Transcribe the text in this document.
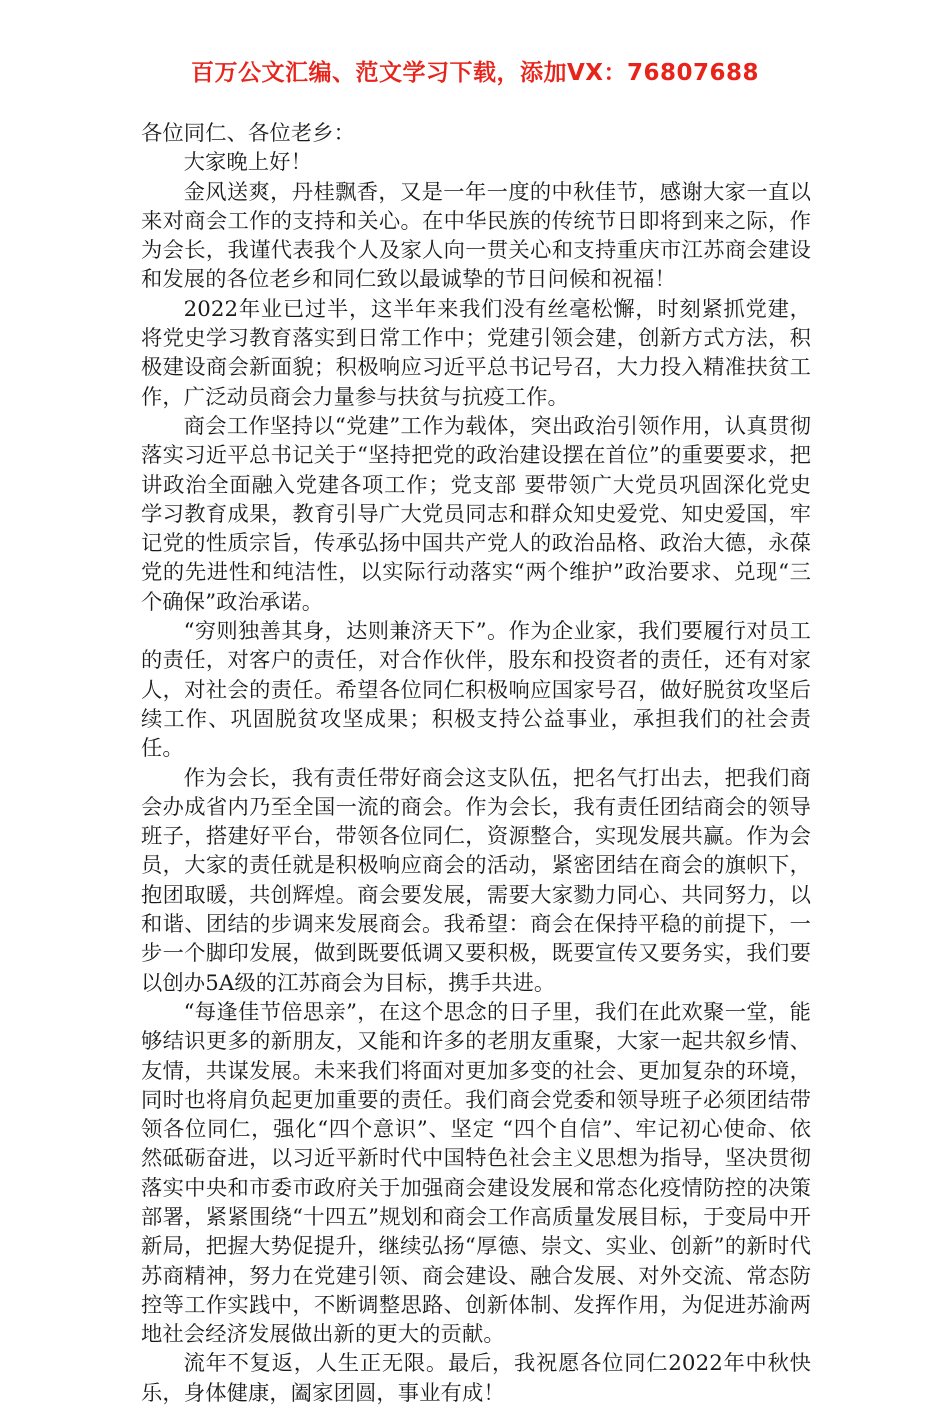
百万公文汇编、范文学习下载，添加VX：76807688

各位同仁、各位老乡：

大家晚上好！

金风送爽，丹桂飘香，又是一年一度的中秋佳节，感谢大家一直以来对商会工作的支持和关心。在中华民族的传统节日即将到来之际，作为会长，我谨代表我个人及家人向一贯关心和支持重庆市江苏商会建设和发展的各位老乡和同仁致以最诚挚的节日问候和祝福！

2022年业已过半，这半年来我们没有丝毫松懈，时刻紧抓党建，将党史学习教育落实到日常工作中；党建引领会建，创新方式方法，积极建设商会新面貌；积极响应习近平总书记号召，大力投入精准扶贫工作，广泛动员商会力量参与扶贫与抗疫工作。

商会工作坚持以“党建”工作为载体，突出政治引领作用，认真贯彻落实习近平总书记关于“坚持把党的政治建设摆在首位”的重要要求，把讲政治全面融入党建各项工作；党支部 要带领广大党员巩固深化党史学习教育成果，教育引导广大党员同志和群众知史爱党、知史爱国，牢记党的性质宗旨，传承弘扬中国共产党人的政治品格、政治大德，永葆党的先进性和纯洁性，以实际行动落实“两个维护”政治要求、兑现“三个确保”政治承诺。

“穷则独善其身，达则兼济天下”。作为企业家，我们要履行对员工的责任，对客户的责任，对合作伙伴，股东和投资者的责任，还有对家人，对社会的责任。希望各位同仁积极响应国家号召，做好脱贫攻坚后续工作、巩固脱贫攻坚成果；积极支持公益事业，承担我们的社会责任。

作为会长，我有责任带好商会这支队伍，把名气打出去，把我们商会办成省内乃至全国一流的商会。作为会长，我有责任团结商会的领导班子，搭建好平台，带领各位同仁，资源整合，实现发展共赢。作为会员，大家的责任就是积极响应商会的活动，紧密团结在商会的旗帜下，抱团取暖，共创辉煌。商会要发展，需要大家勠力同心、共同努力，以和谐、团结的步调来发展商会。我希望：商会在保持平稳的前提下，一步一个脚印发展，做到既要低调又要积极，既要宣传又要务实，我们要以创办5A级的江苏商会为目标，携手共进。

“每逢佳节倍思亲”，在这个思念的日子里，我们在此欢聚一堂，能够结识更多的新朋友，又能和许多的老朋友重聚，大家一起共叙乡情、友情，共谋发展。未来我们将面对更加多变的社会、更加复杂的环境，同时也将肩负起更加重要的责任。我们商会党委和领导班子必须团结带领各位同仁，强化“四个意识”、坚定 “四个自信”、牢记初心使命、依然砥砺奋进，以习近平新时代中国特色社会主义思想为指导，坚决贯彻落实中央和市委市政府关于加强商会建设发展和常态化疫情防控的决策部署，紧紧围绕“十四五”规划和商会工作高质量发展目标，于变局中开新局，把握大势促提升，继续弘扬“厚德、崇文、实业、创新”的新时代苏商精神，努力在党建引领、商会建设、融合发展、对外交流、常态防控等工作实践中，不断调整思路、创新体制、发挥作用，为促进苏渝两地社会经济发展做出新的更大的贡献。

流年不复返，人生正无限。最后，我祝愿各位同仁2022年中秋快乐，身体健康，阖家团圆，事业有成！
